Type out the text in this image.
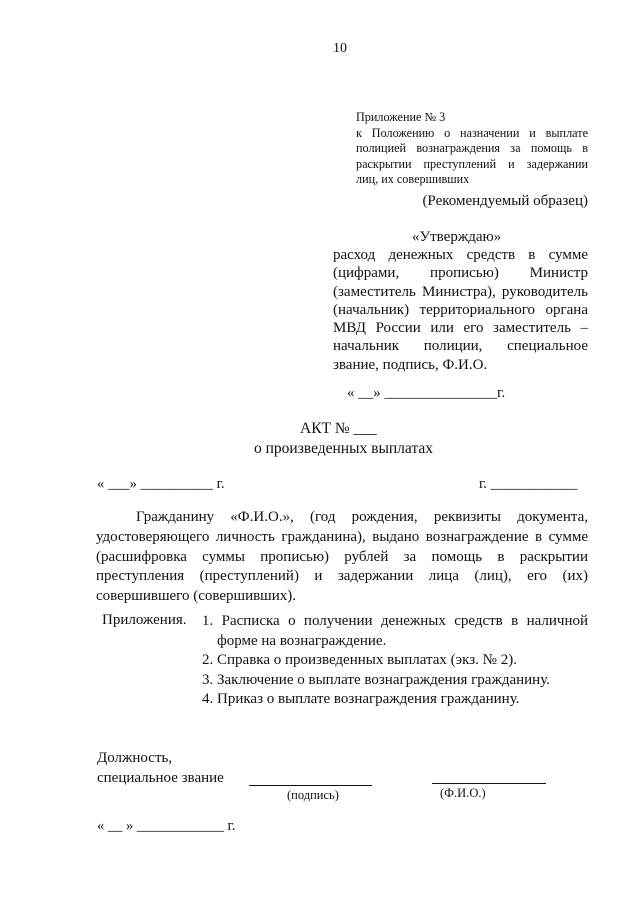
10
Приложение № 3
к Положению о назначении и выплате
полицией вознаграждения за помощь в
раскрытии преступлений и задержании
лиц, их совершивших
(Рекомендуемый образец)
«Утверждаю»
расход денежных средств в сумме
(цифрами, прописью) Министр
(заместитель Министра), руководитель
(начальник) территориального органа
МВД России или его заместитель –
начальник полиции, специальное
звание, подпись, Ф.И.О.
« __» _______________г.
АКТ № ___
о произведенных выплатах
« ___» __________ г.	г. ____________
Гражданину «Ф.И.О.», (год рождения, реквизиты документа,
удостоверяющего личность гражданина), выдано вознаграждение в сумме
(расшифровка суммы прописью) рублей за помощь в раскрытии
преступления (преступлений) и задержании лица (лиц), его (их)
совершившего (совершивших).
Приложения. 1. Расписка о получении денежных средств в наличной
форме на вознаграждение.
2. Справка о произведенных выплатах (экз. № 2).
3. Заключение о выплате вознаграждения гражданину.
4. Приказ о выплате вознаграждения гражданину.
Должность,
специальное звание
(подпись)	(Ф.И.О.)
« __ » ____________ г.
